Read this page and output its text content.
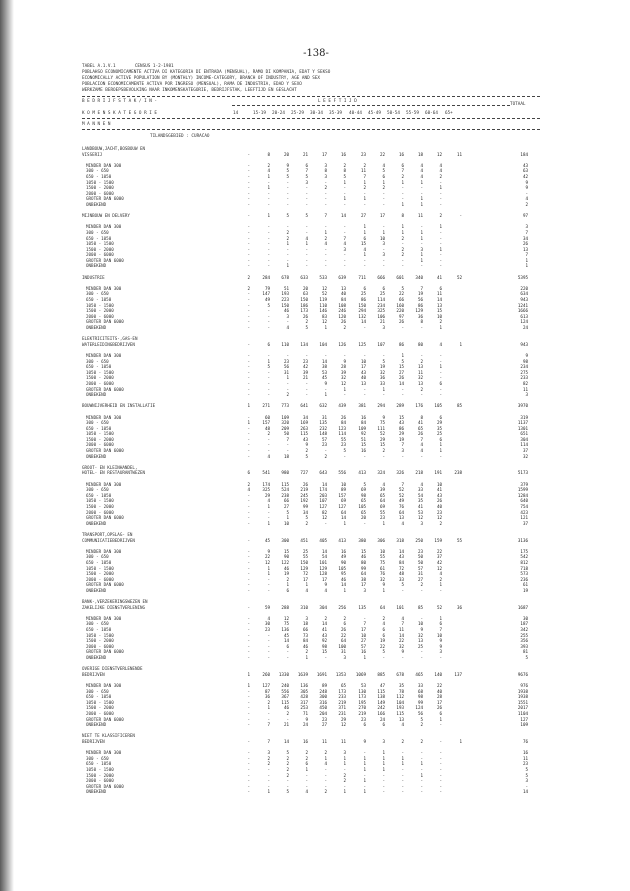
-138-
TABEL A.1.V.1	CENSUS 1-2-1981
POBLAHSO ECONOMICAMENTE ACTIVA DI KATEGORIA DI ENTRADA (MENSUAL), RAMO DI KOMPANIA, EDAT Y SEKSO
ECONOMICALLY ACTIVE POPULATION BY (MONTHLY) INCOME-CATEGORY, BRANCH OF INDUSTRY, AGE AND SEX
POBLACION ECONOMICAMENTE ACTIVA POR INGRESO (MENSUAL), RAMA DE INDUSTRIA, EDAD Y SEXO
WERKZAME BEROEPSBEVOLKING NAAR INKOMENSKATEGORIE, BEDRIJFSTAK, LEEFTIJD EN GESLACHT
B E D R I J F S T A K / I N -	L E E F T I J D
TOTAAL
K O M E N S K A T E G O R I E	14	15-19 20-24 25-29 30-34 35-39 40-44 45-49 50-54 55-59 60-64 65+
M A N N E N
TILANDSGEBIED : CURACAO
LANDBOUW,JACHT,BOSBOUW EN
VISSERIJ	-	8	20	21	17	16	23	22	16	18	12	11	184
MINDER DAN 300	-	2	9	6	3	2	2	4	6	4	4	43
300 - 650	-	4	5	7	8	8	11	5	7	4	4	63
650 - 1050	-	1	5	5	3	5	7	6	2	4	2	42
1050 - 1500	-	-	-	3	-	1	1	1	1	1	-	9
1500 - 2000	-	1	-	-	2	-	2	2	-	-	1	9
2000 - 6000	-	-	-	-	-	-	-	-	-	-	-	-
GROTER DAN 6000	-	-	-	-	-	1	1	-	-	1	-	4
ONBEKEND	-	-	-	-	-	-	-	-	1	1	-	2
MIJNBOUW EN DELVERY	-	1	5	5	7	14	27	17	8	11	2	-	97
MINDER DAN 300	-	-	-	-	-	-	1	-	1	-	1	3
300 - 650	-	-	2	-	1	-	1	1	1	1	-	7
650 - 1050	-	-	2	4	2	7	6	10	2	1	-	34
1050 - 1500	-	-	1	1	4	4	15	3	-	-	-	26
1500 - 2000	-	-	-	-	-	3	4	-	2	3	1	13
2000 - 6000	-	-	-	-	-	-	1	3	2	1	-	7
GROTER DAN 6000	-	-	-	-	-	-	-	-	-	1	-	1
ONBEKEND	-	-	1	-	-	-	-	-	-	-	-	1
INDUSTRIE	2	284	678	633	533	639	711	666	601	340	41	52	5395
MINDER DAN 300	2	79	51	20	12	13	6	6	5	7	6	220
300 - 650	-	147	193	63	52	40	25	25	22	19	11	634
650 - 1050	-	49	223	150	119	84	86	114	66	56	14	943
1050 - 1500	-	5	150	186	110	108	150	234	160	86	13	1241
1500 - 2000	-	-	46	173	146	246	294	325	220	129	15	1666
2000 - 6000	-	-	3	26	83	120	132	106	97	36	10	613
GROTER DAN 6000	-	-	-	2	12	26	14	21	26	8	2	124
ONBEKEND	-	-	4	5	1	2	-	3	-	-	1	24
ELEKTRICITEITS-,GAS-EN
WATERLEIDINGBEDRIJVEN	-	6	110	134	104	126	125	107	86	80	4	1	943
MINDER DAN 300	-	-	-	-	-	-	-	-	1	-	-	9
300 - 650	-	1	23	23	14	9	10	5	5	2	-	98
650 - 1050	-	5	56	42	38	28	17	19	15	13	1	234
1050 - 1500	-	-	31	39	53	39	43	32	27	11	-	275
1500 - 2000	-	-	1	21	45	32	40	36	26	32	-	233
2000 - 6000	-	-	-	-	9	12	13	33	14	13	6	82
GROTER DAN 6000	-	-	-	-	-	1	-	1	-	2	-	11
ONBEKEND	-	-	2	-	1	-	-	-	-	-	-	3
BOUWNIJVERHEID EN INSTALLATIE	1	271	773	641	632	439	381	294	289	176	105	85	3970
MINDER DAN 300	-	60	109	34	31	26	16	9	15	8	6	319
300 - 650	1	157	320	169	135	84	84	75	43	41	29	1137
650 - 1050	-	48	209	263	232	123	109	111	86	65	35	1301
1050 - 1500	-	2	50	115	148	114	92	52	29	26	25	651
1500 - 2000	-	-	7	43	57	55	51	29	19	7	6	304
2000 - 6000	-	-	-	9	23	23	15	15	7	4	1	114
GROTER DAN 6000	-	-	-	2	-	5	16	2	3	4	1	37
ONBEKEND	-	4	18	5	2	-	-	-	-	-	-	32
GROOT- EN KLEINHANDEL,
HOTEL- EN RESTAURANTWEZEN	6	541	980	727	643	556	413	324	326	218	191	238	5173
MINDER DAN 300	2	174	115	26	14	10	5	4	7	4	10	379
300 - 650	4	325	524	219	174	89	69	39	52	33	41	1599
650 - 1050	-	29	238	245	203	157	98	65	52	54	43	1284
1050 - 1500	-	4	66	192	107	69	65	64	49	35	26	640
1500 - 2000	-	1	27	99	127	127	105	69	76	41	40	754
2000 - 6000	-	-	5	34	82	64	65	55	64	53	23	423
GROTER DAN 6000	-	-	1	5	12	14	20	23	13	12	12	121
ONBEKEND	-	1	10	2	-	1	-	1	4	3	2	37
TRANSPORT,OPSLAG- EN
COMMUNICATIEBEDRIJVEN	-	45	300	451	405	413	380	306	318	250	159	55	3136
MINDER DAN 300	-	9	15	25	14	16	15	10	14	23	22	175
300 - 650	-	22	90	55	54	49	46	55	43	50	37	542
650 - 1050	-	12	122	150	101	90	80	75	84	50	42	812
1050 - 1500	-	1	46	129	129	105	99	61	72	57	12	718
1500 - 2000	-	1	19	72	128	95	64	76	48	31	4	573
2000 - 6000	-	-	2	17	17	46	38	32	33	27	2	236
GROTER DAN 6000	-	-	1	1	9	14	17	9	5	2	1	61
ONBEKEND	-	-	6	4	4	1	3	1	-	-	-	19
BANK-,VERZEKERINGSWEZEN EN
ZAKELIJKE DIENSTVERLENING	-	59	288	310	304	256	135	64	101	85	52	36	1687
MINDER DAN 300	-	4	12	3	2	2	-	2	4	-	1	30
300 - 650	-	30	75	18	14	6	7	4	7	10	6	187
650 - 1050	-	23	136	66	41	26	17	6	11	9	7	342
1050 - 1500	-	-	45	73	43	22	10	6	14	32	10	255
1500 - 2000	-	-	14	84	92	64	27	19	22	13	9	356
2000 - 6000	-	-	6	46	98	100	57	22	32	25	9	393
GROTER DAN 6000	-	-	-	2	15	31	16	5	9	-	3	81
ONBEKEND	-	-	-	1	-	3	1	-	-	-	-	5
OVERIGE DIENSTVERLENENDE
BEDRIJVEN	1	260	1330	1639	1691	1353	1069	885	678	465	140	137	9676
MINDER DAN 300	1	127	240	136	89	65	53	47	35	33	22	976
300 - 650	-	87	556	305	248	173	130	115	78	68	40	1938
650 - 1050	-	36	367	428	300	233	173	138	112	98	28	1938
1050 - 1500	-	2	115	317	316	219	195	149	104	99	17	1551
1500 - 2000	-	1	46	253	450	371	270	242	193	124	26	2017
2000 - 6000	-	-	2	71	204	231	219	166	115	56	6	1104
GROTER DAN 6000	-	-	-	9	23	29	23	24	13	5	1	127
ONBEKEND	-	7	21	24	27	12	6	6	4	2	-	109
NIET TE KLASSIFICEREN
BEDRIJVEN	-	7	14	16	11	11	9	3	2	2	-	1	76
MINDER DAN 300	-	3	5	2	2	3	-	1	-	-	-	16
300 - 650	-	2	2	2	1	1	1	1	1	-	-	11
650 - 1050	-	2	2	6	4	1	1	1	1	1	-	23
1050 - 1500	-	-	2	1	-	-	1	1	-	-	-	5
1500 - 2000	-	-	2	-	-	2	-	-	-	1	-	5
2000 - 6000	-	-	-	-	-	2	1	-	-	-	-	3
GROTER DAN 6000	-	-	-	-	-	-	-	-	-	-	-	-
ONBEKEND	-	1	5	4	2	1	1	-	-	-	-	14
